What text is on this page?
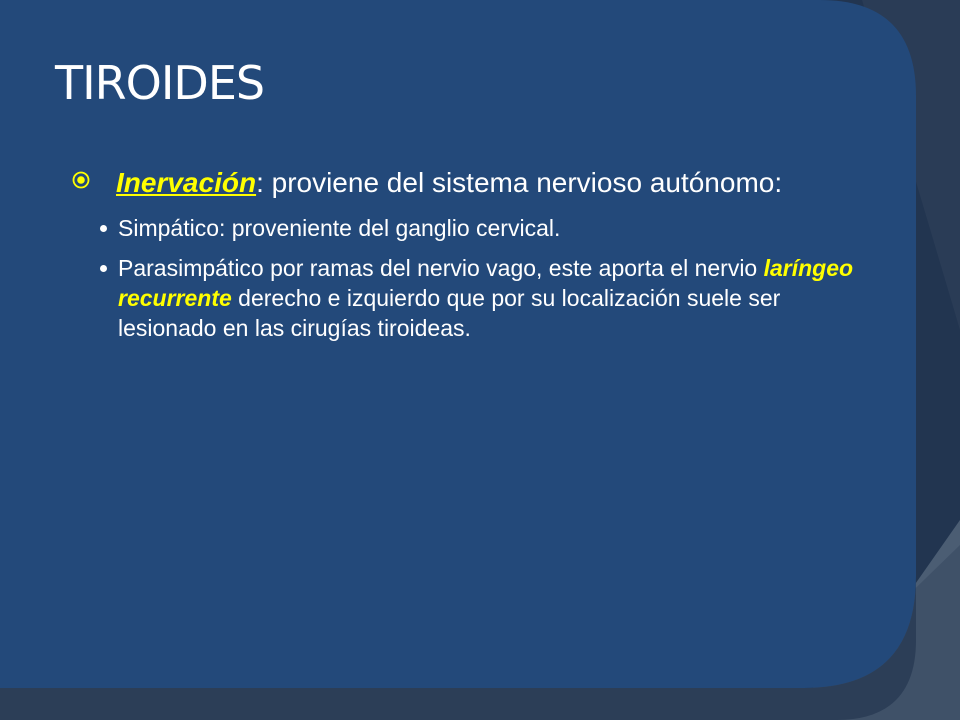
TIROIDES
Inervación: proviene del sistema nervioso autónomo:
Simpático: proveniente del ganglio cervical.
Parasimpático por ramas del nervio vago, este aporta el nervio laríngeo recurrente derecho e izquierdo que por su localización suele ser lesionado en las cirugías tiroideas.
